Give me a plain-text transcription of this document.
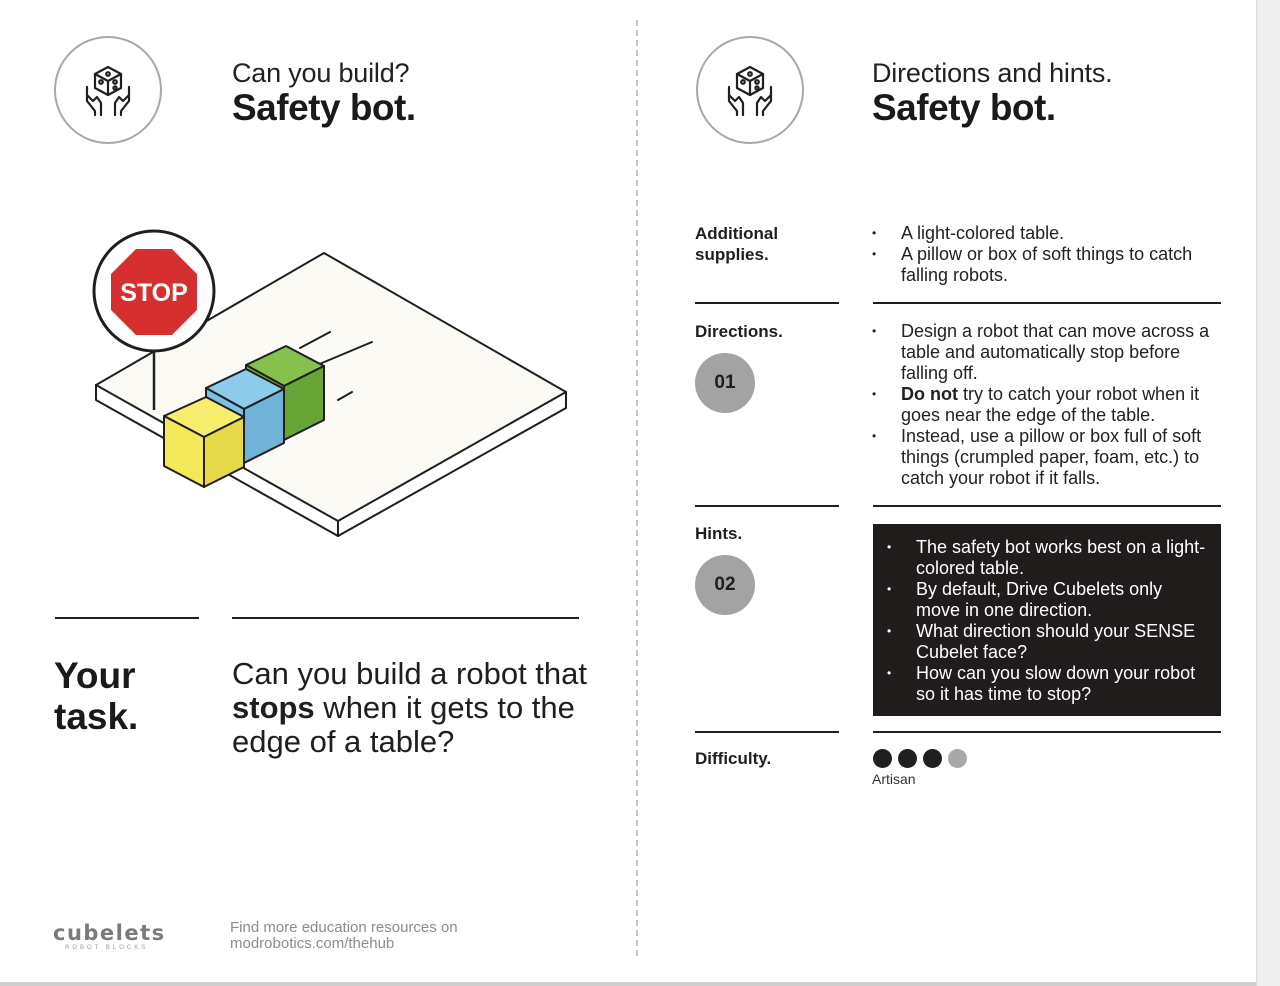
Can you build?
Safety bot.
STOP
Your
task.
Can you build a robot that stops when it gets to the edge of a table?
cubelets
ROBOT BLOCKS
Find more education resources on
modrobotics.com/thehub
Directions and hints.
Safety bot.
Additional
supplies.
• A light-colored table.
• A pillow or box of soft things to catch falling robots.
Directions.
01
• Design a robot that can move across a table and automatically stop before falling off.
• Do not try to catch your robot when it goes near the edge of the table.
• Instead, use a pillow or box full of soft things (crumpled paper, foam, etc.) to catch your robot if it falls.
Hints.
02
• The safety bot works best on a light-colored table.
• By default, Drive Cubelets only move in one direction.
• What direction should your SENSE Cubelet face?
• How can you slow down your robot so it has time to stop?
Difficulty.
Artisan
